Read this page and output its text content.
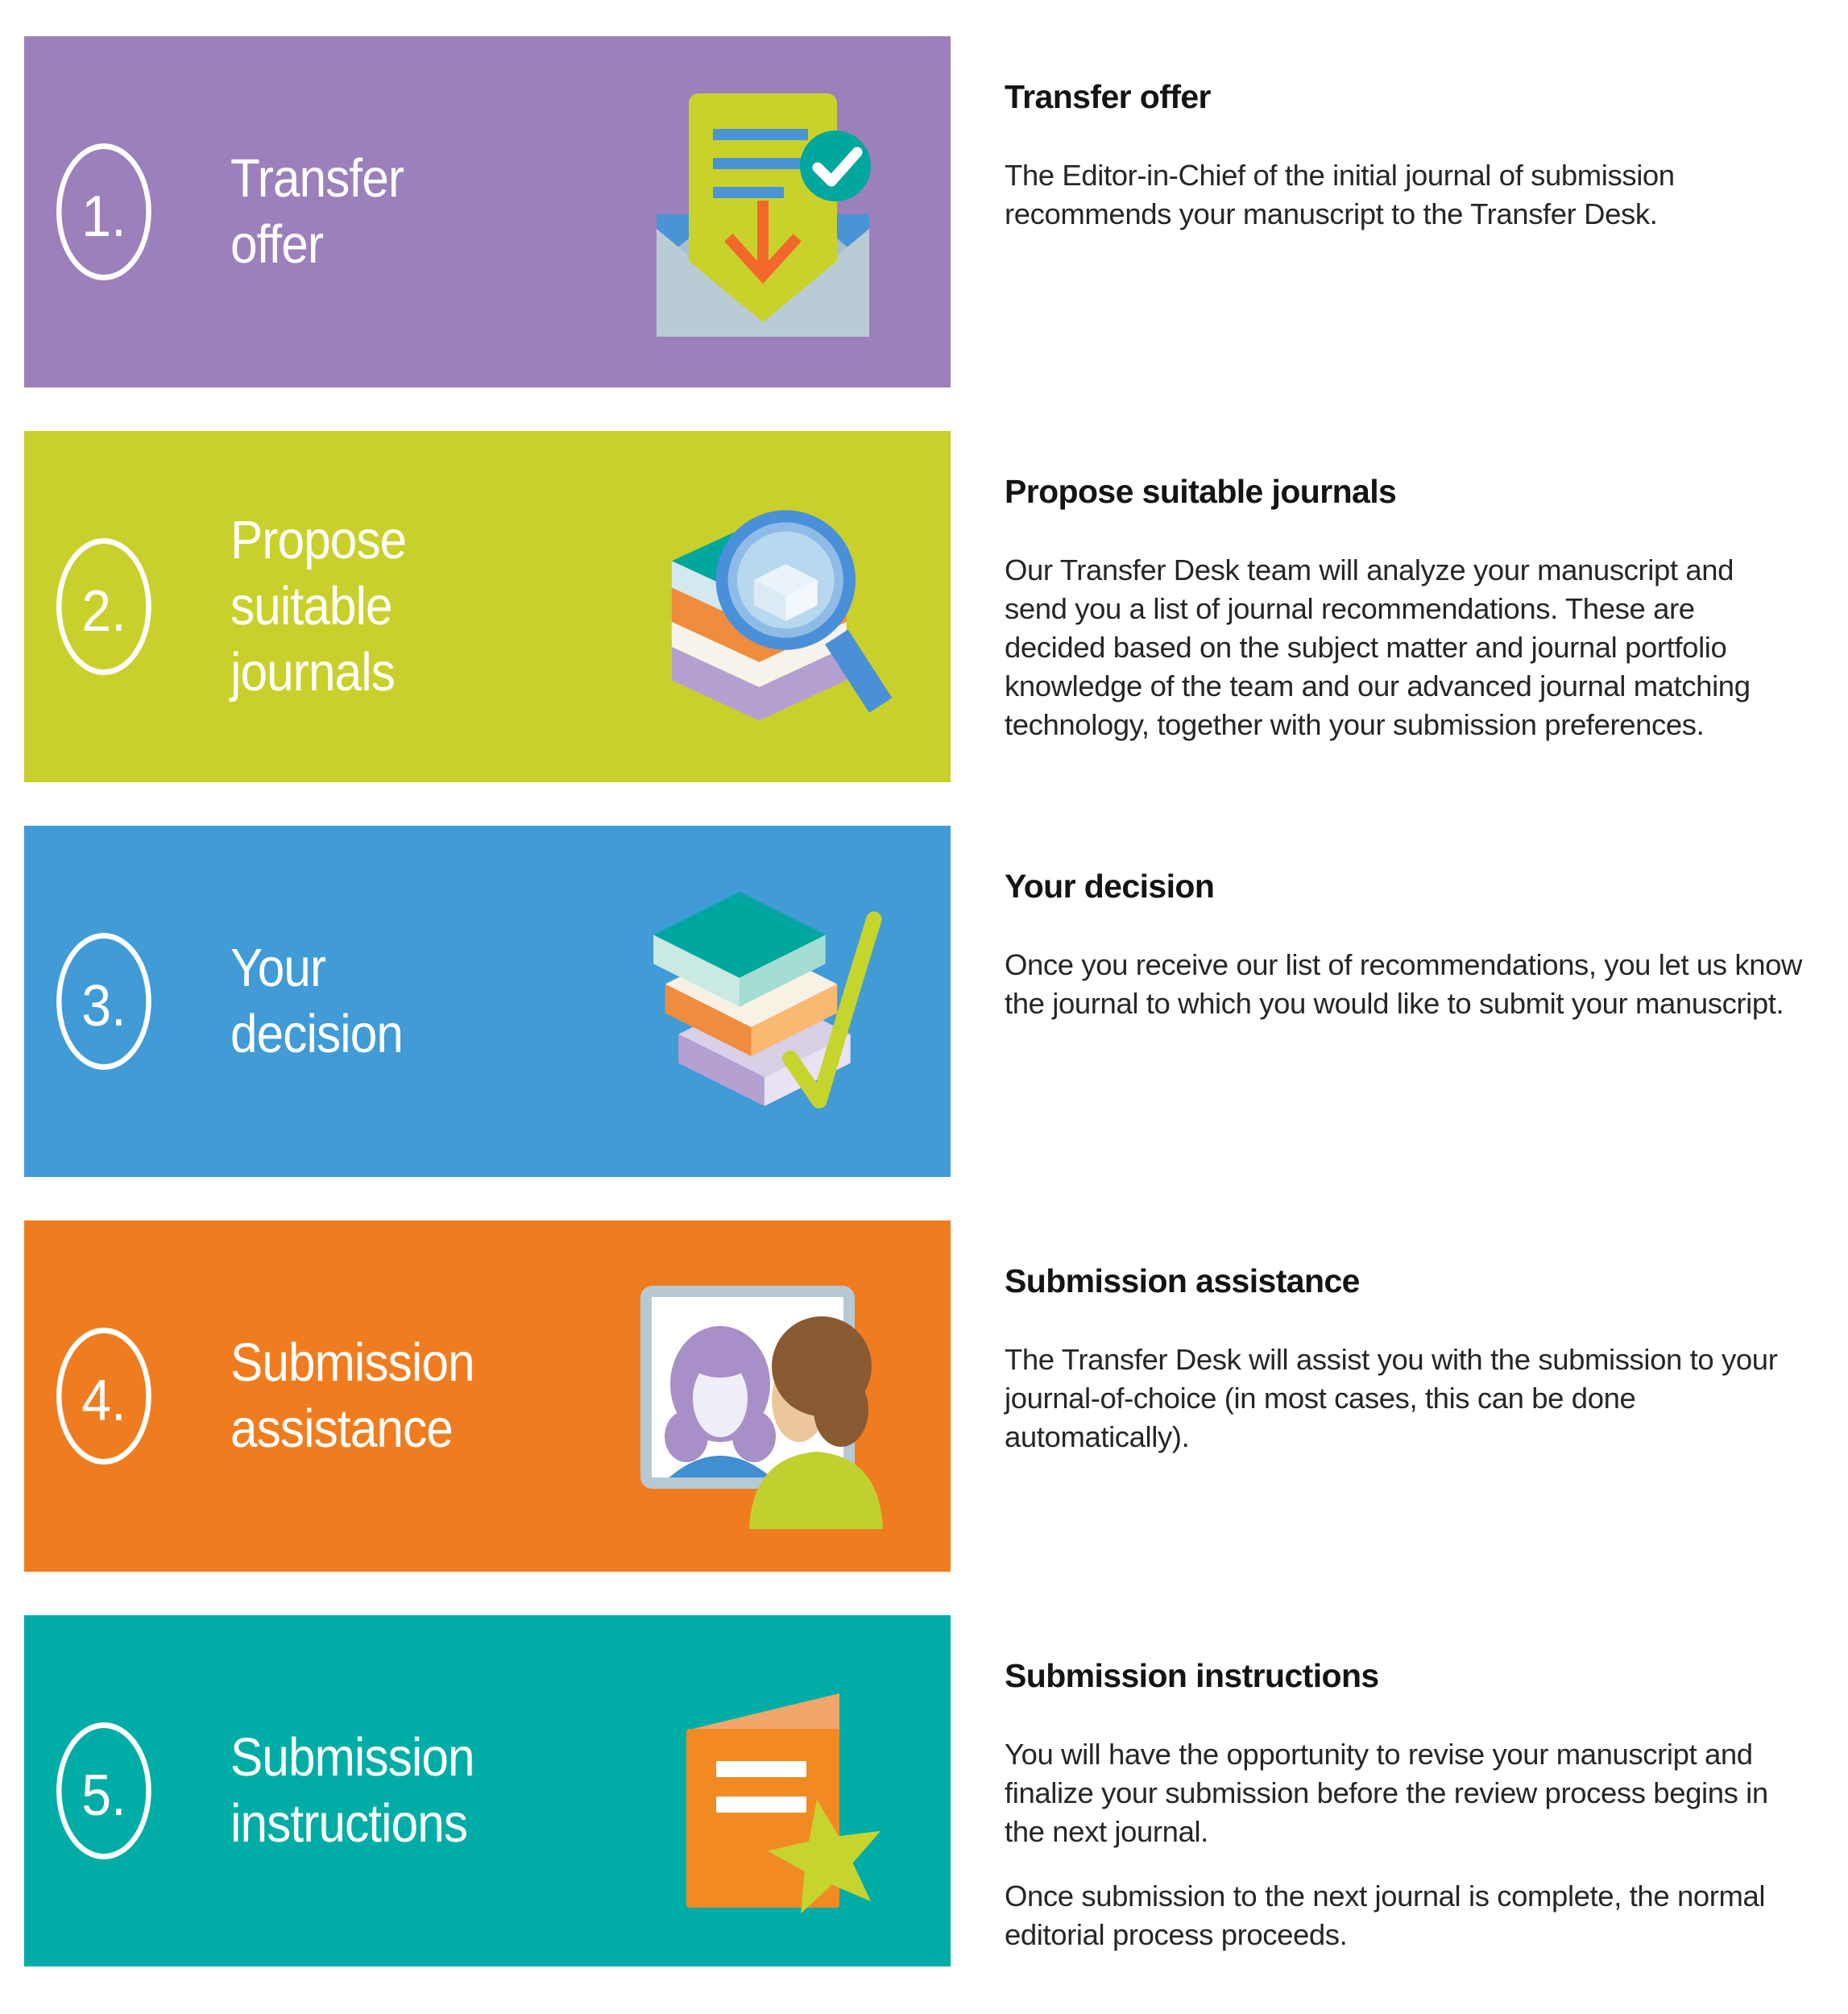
1.
Transfer
offer
Transfer offer

The Editor-in-Chief of the initial journal of submission recommends your manuscript to the Transfer Desk.

2.
Propose
suitable
journals
Propose suitable journals

Our Transfer Desk team will analyze your manuscript and send you a list of journal recommendations. These are decided based on the subject matter and journal portfolio knowledge of the team and our advanced journal matching technology, together with your submission preferences.

3.
Your
decision
Your decision

Once you receive our list of recommendations, you let us know the journal to which you would like to submit your manuscript.

4.
Submission
assistance
Submission assistance

The Transfer Desk will assist you with the submission to your journal-of-choice (in most cases, this can be done automatically).

5.
Submission
instructions
Submission instructions

You will have the opportunity to revise your manuscript and finalize your submission before the review process begins in the next journal.

Once submission to the next journal is complete, the normal editorial process proceeds.
